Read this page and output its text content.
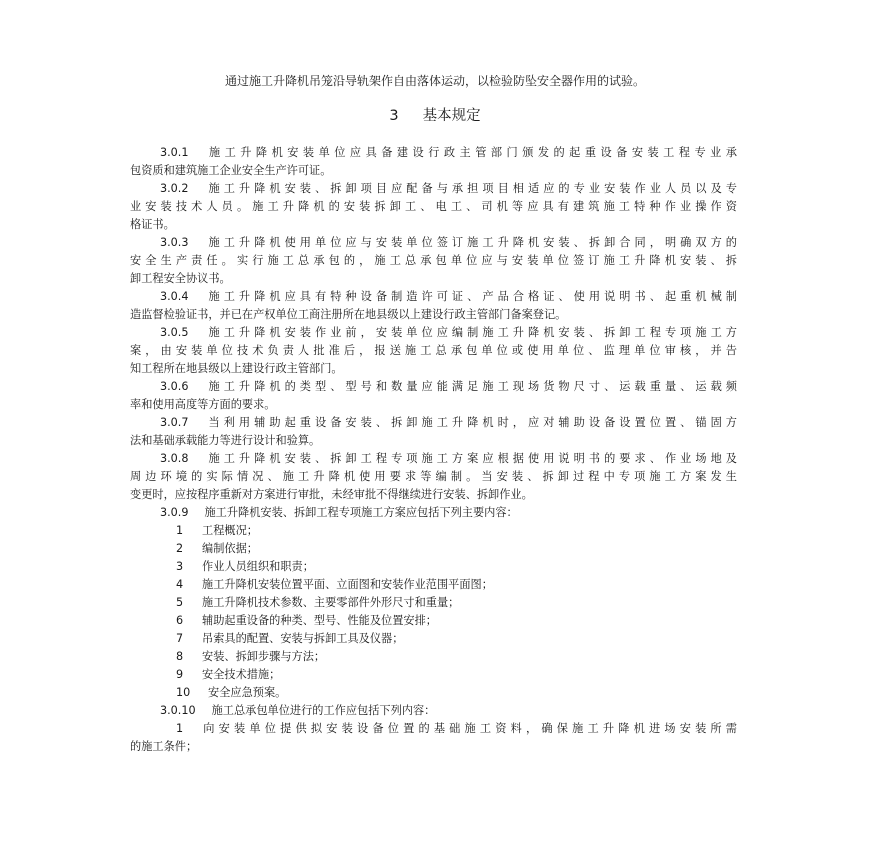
通过施工升降机吊笼沿导轨架作自由落体运动，以检验防坠安全器作用的试验。
3 基本规定
3.0.1 施工升降机安装单位应具备建设行政主管部门颁发的起重设备安装工程专业承
包资质和建筑施工企业安全生产许可证。
3.0.2 施工升降机安装、拆卸项目应配备与承担项目相适应的专业安装作业人员以及专
业安装技术人员。施工升降机的安装拆卸工、电工、司机等应具有建筑施工特种作业操作资
格证书。
3.0.3 施工升降机使用单位应与安装单位签订施工升降机安装、拆卸合同，明确双方的
安全生产责任。实行施工总承包的，施工总承包单位应与安装单位签订施工升降机安装、拆
卸工程安全协议书。
3.0.4 施工升降机应具有特种设备制造许可证、产品合格证、使用说明书、起重机械制
造监督检验证书，并已在产权单位工商注册所在地县级以上建设行政主管部门备案登记。
3.0.5 施工升降机安装作业前，安装单位应编制施工升降机安装、拆卸工程专项施工方
案，由安装单位技术负责人批准后，报送施工总承包单位或使用单位、监理单位审核，并告
知工程所在地县级以上建设行政主管部门。
3.0.6 施工升降机的类型、型号和数量应能满足施工现场货物尺寸、运载重量、运载频
率和使用高度等方面的要求。
3.0.7 当利用辅助起重设备安装、拆卸施工升降机时，应对辅助设备设置位置、锚固方
法和基础承载能力等进行设计和验算。
3.0.8 施工升降机安装、拆卸工程专项施工方案应根据使用说明书的要求、作业场地及
周边环境的实际情况、施工升降机使用要求等编制。当安装、拆卸过程中专项施工方案发生
变更时，应按程序重新对方案进行审批，未经审批不得继续进行安装、拆卸作业。
3.0.9 施工升降机安装、拆卸工程专项施工方案应包括下列主要内容：
1	工程概况；
2	编制依据；
3	作业人员组织和职责；
4	施工升降机安装位置平面、立面图和安装作业范围平面图；
5	施工升降机技术参数、主要零部件外形尺寸和重量；
6	辅助起重设备的种类、型号、性能及位置安排；
7	吊索具的配置、安装与拆卸工具及仪器；
8	安装、拆卸步骤与方法；
9	安全技术措施；
10	安全应急预案。
3.0.10 施工总承包单位进行的工作应包括下列内容：
1 向安装单位提供拟安装设备位置的基础施工资料，确保施工升降机进场安装所需
的施工条件；
